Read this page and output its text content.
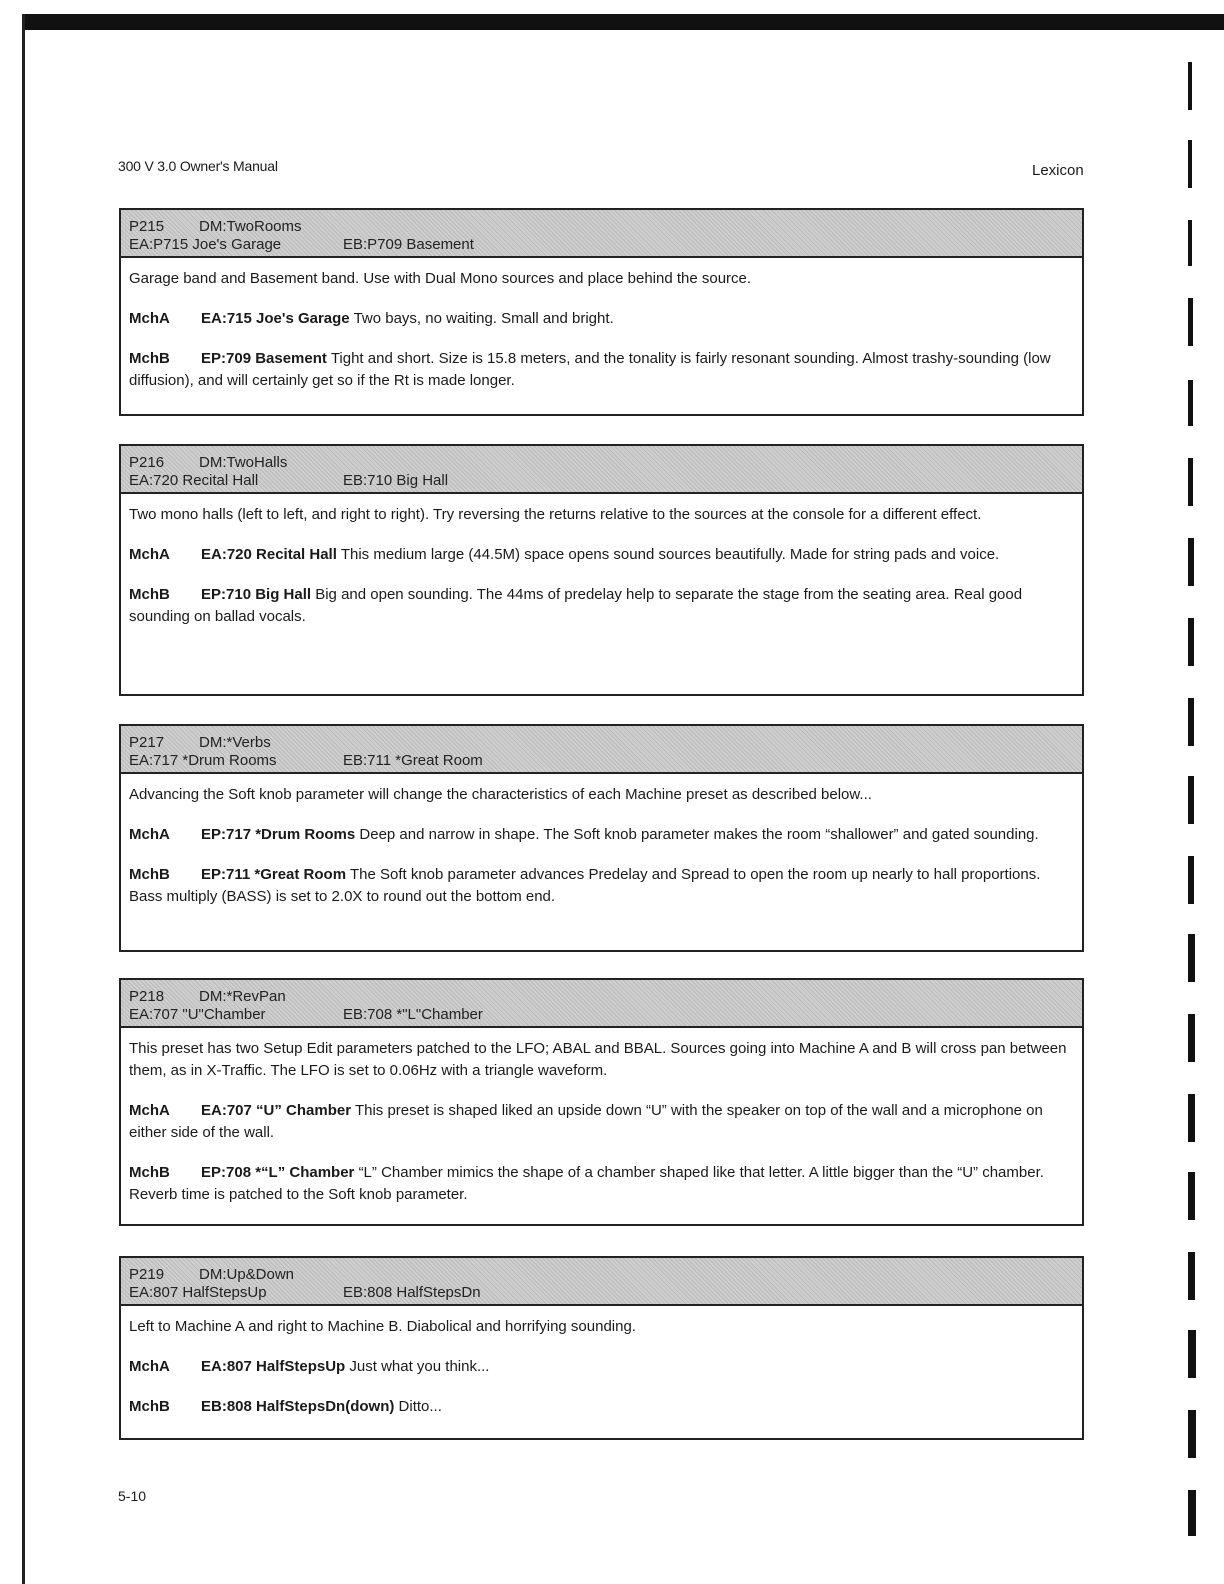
300 V 3.0 Owner's Manual	Lexicon
P215 DM:TwoRooms
EA:P715 Joe's Garage	EB:P709 Basement

Garage band and Basement band. Use with Dual Mono sources and place behind the source.

MchA EA:715 Joe's Garage Two bays, no waiting. Small and bright.

MchB EP:709 Basement Tight and short. Size is 15.8 meters, and the tonality is fairly resonant sounding. Almost trashy-sounding (low diffusion), and will certainly get so if the Rt is made longer.

P216 DM:TwoHalls
EA:720 Recital Hall	EB:710 Big Hall

Two mono halls (left to left, and right to right). Try reversing the returns relative to the sources at the console for a different effect.

MchA EA:720 Recital Hall This medium large (44.5M) space opens sound sources beautifully. Made for string pads and voice.

MchB EP:710 Big Hall Big and open sounding. The 44ms of predelay help to separate the stage from the seating area. Real good sounding on ballad vocals.

P217 DM:*Verbs
EA:717 *Drum Rooms	EB:711 *Great Room

Advancing the Soft knob parameter will change the characteristics of each Machine preset as described below...

MchA EP:717 *Drum Rooms Deep and narrow in shape. The Soft knob parameter makes the room “shallower” and gated sounding.

MchB EP:711 *Great Room The Soft knob parameter advances Predelay and Spread to open the room up nearly to hall proportions. Bass multiply (BASS) is set to 2.0X to round out the bottom end.

P218 DM:*RevPan
EA:707 "U"Chamber	EB:708 *"L"Chamber

This preset has two Setup Edit parameters patched to the LFO; ABAL and BBAL. Sources going into Machine A and B will cross pan between them, as in X-Traffic. The LFO is set to 0.06Hz with a triangle waveform.

MchA EA:707 “U” Chamber This preset is shaped liked an upside down “U” with the speaker on top of the wall and a microphone on either side of the wall.

MchB EP:708 *“L” Chamber “L” Chamber mimics the shape of a chamber shaped like that letter. A little bigger than the “U” chamber. Reverb time is patched to the Soft knob parameter.

P219 DM:Up&Down
EA:807 HalfStepsUp	EB:808 HalfStepsDn

Left to Machine A and right to Machine B. Diabolical and horrifying sounding.

MchA EA:807 HalfStepsUp Just what you think...

MchB EB:808 HalfStepsDn(down) Ditto...

5-10
